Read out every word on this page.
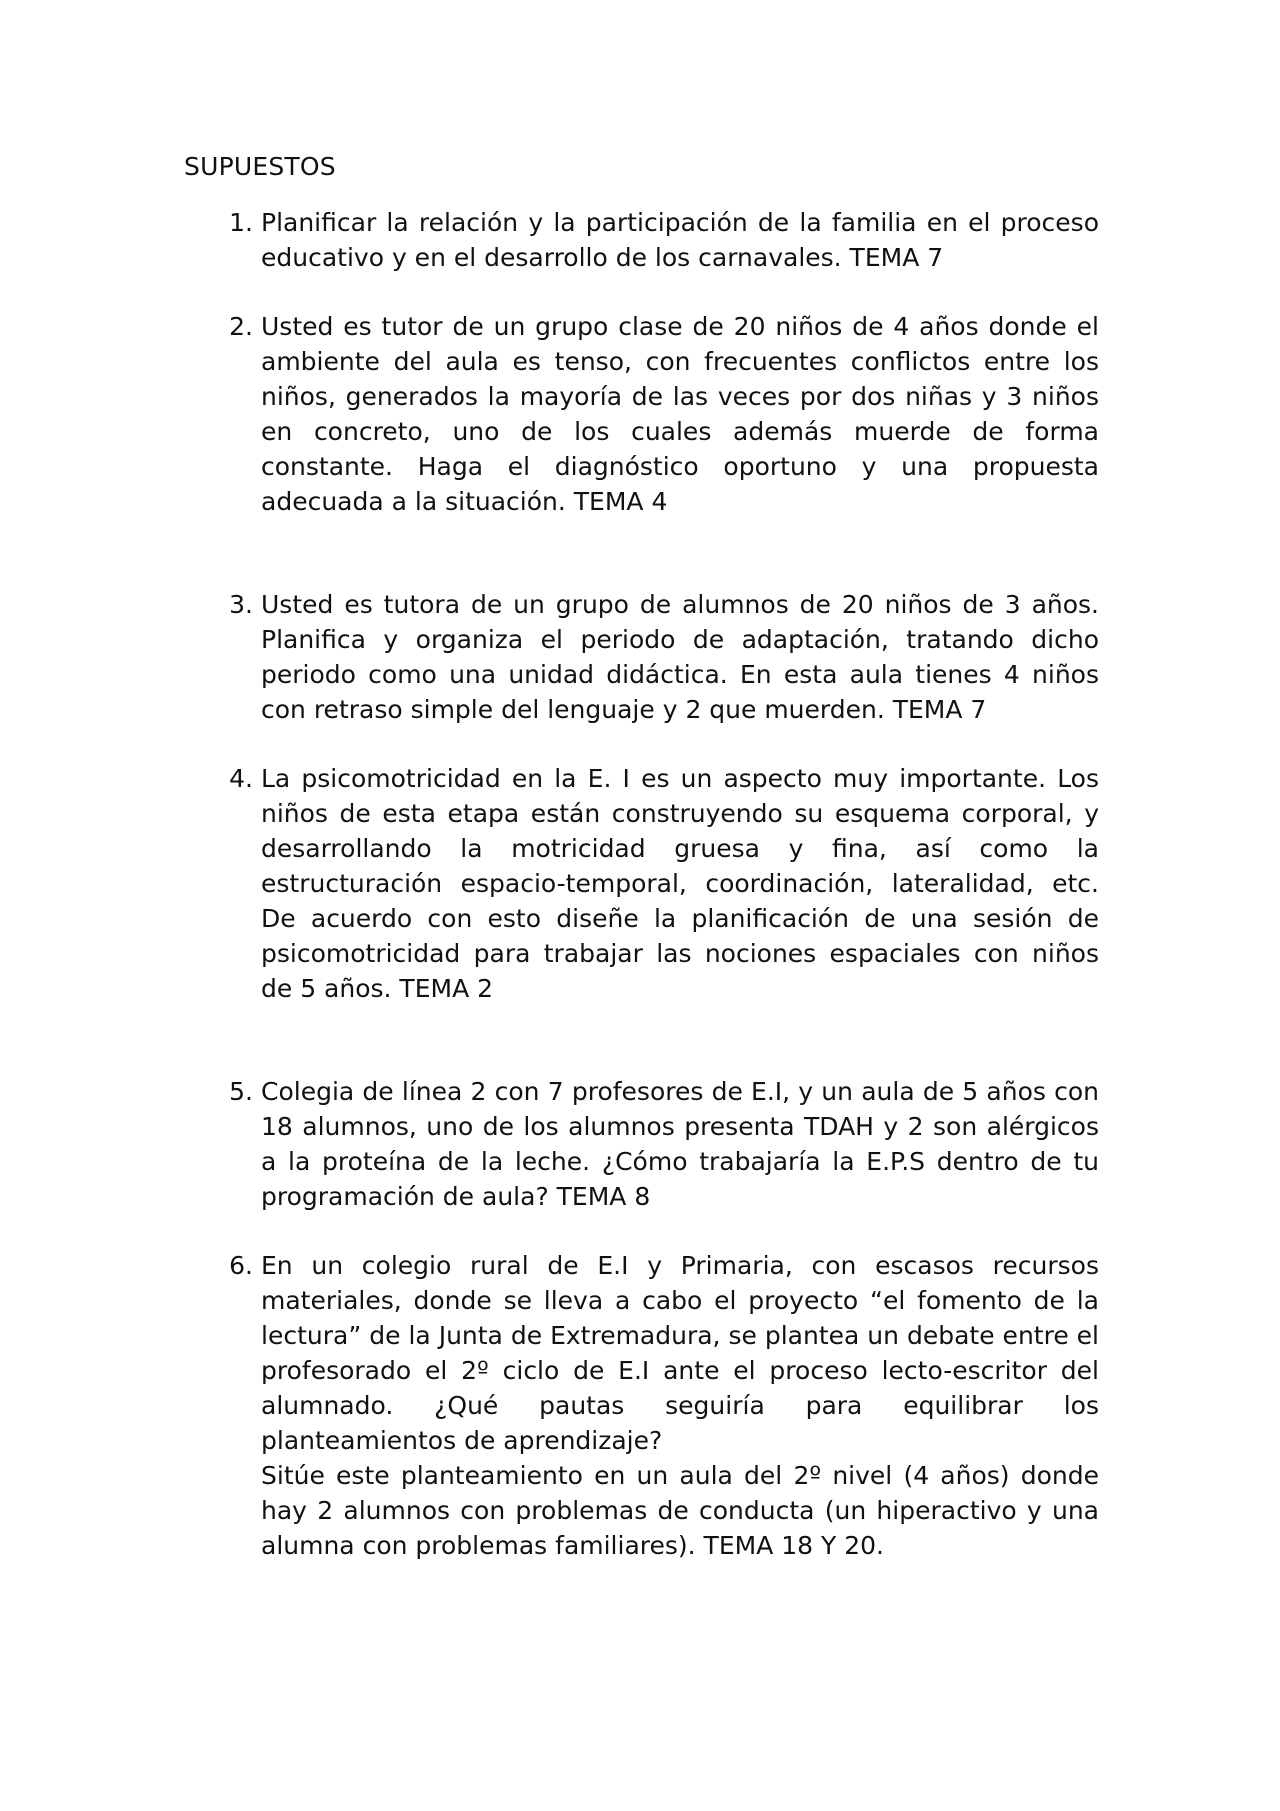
SUPUESTOS
1. Planificar la relación y la participación de la familia en el proceso educativo y en el desarrollo de los carnavales. TEMA 7

2. Usted es tutor de un grupo clase de 20 niños de 4 años donde el ambiente del aula es tenso, con frecuentes conflictos entre los niños, generados la mayoría de las veces por dos niñas y 3 niños en concreto, uno de los cuales además muerde de forma constante. Haga el diagnóstico oportuno y una propuesta adecuada a la situación. TEMA 4

3. Usted es tutora de un grupo de alumnos de 20 niños de 3 años. Planifica y organiza el periodo de adaptación, tratando dicho periodo como una unidad didáctica. En esta aula tienes 4 niños con retraso simple del lenguaje y 2 que muerden. TEMA 7

4. La psicomotricidad en la E. I es un aspecto muy importante. Los niños de esta etapa están construyendo su esquema corporal, y desarrollando la motricidad gruesa y fina, así como la estructuración espacio-temporal, coordinación, lateralidad, etc. De acuerdo con esto diseñe la planificación de una sesión de psicomotricidad para trabajar las nociones espaciales con niños de 5 años. TEMA 2

5. Colegia de línea 2 con 7 profesores de E.I, y un aula de 5 años con 18 alumnos, uno de los alumnos presenta TDAH y 2 son alérgicos a la proteína de la leche. ¿Cómo trabajaría la E.P.S dentro de tu programación de aula? TEMA 8

6. En un colegio rural de E.I y Primaria, con escasos recursos materiales, donde se lleva a cabo el proyecto “el fomento de la lectura” de la Junta de Extremadura, se plantea un debate entre el profesorado el 2º ciclo de E.I ante el proceso lecto-escritor del alumnado. ¿Qué pautas seguiría para equilibrar los planteamientos de aprendizaje?

Sitúe este planteamiento en un aula del 2º nivel (4 años) donde hay 2 alumnos con problemas de conducta (un hiperactivo y una alumna con problemas familiares). TEMA 18 Y 20.
